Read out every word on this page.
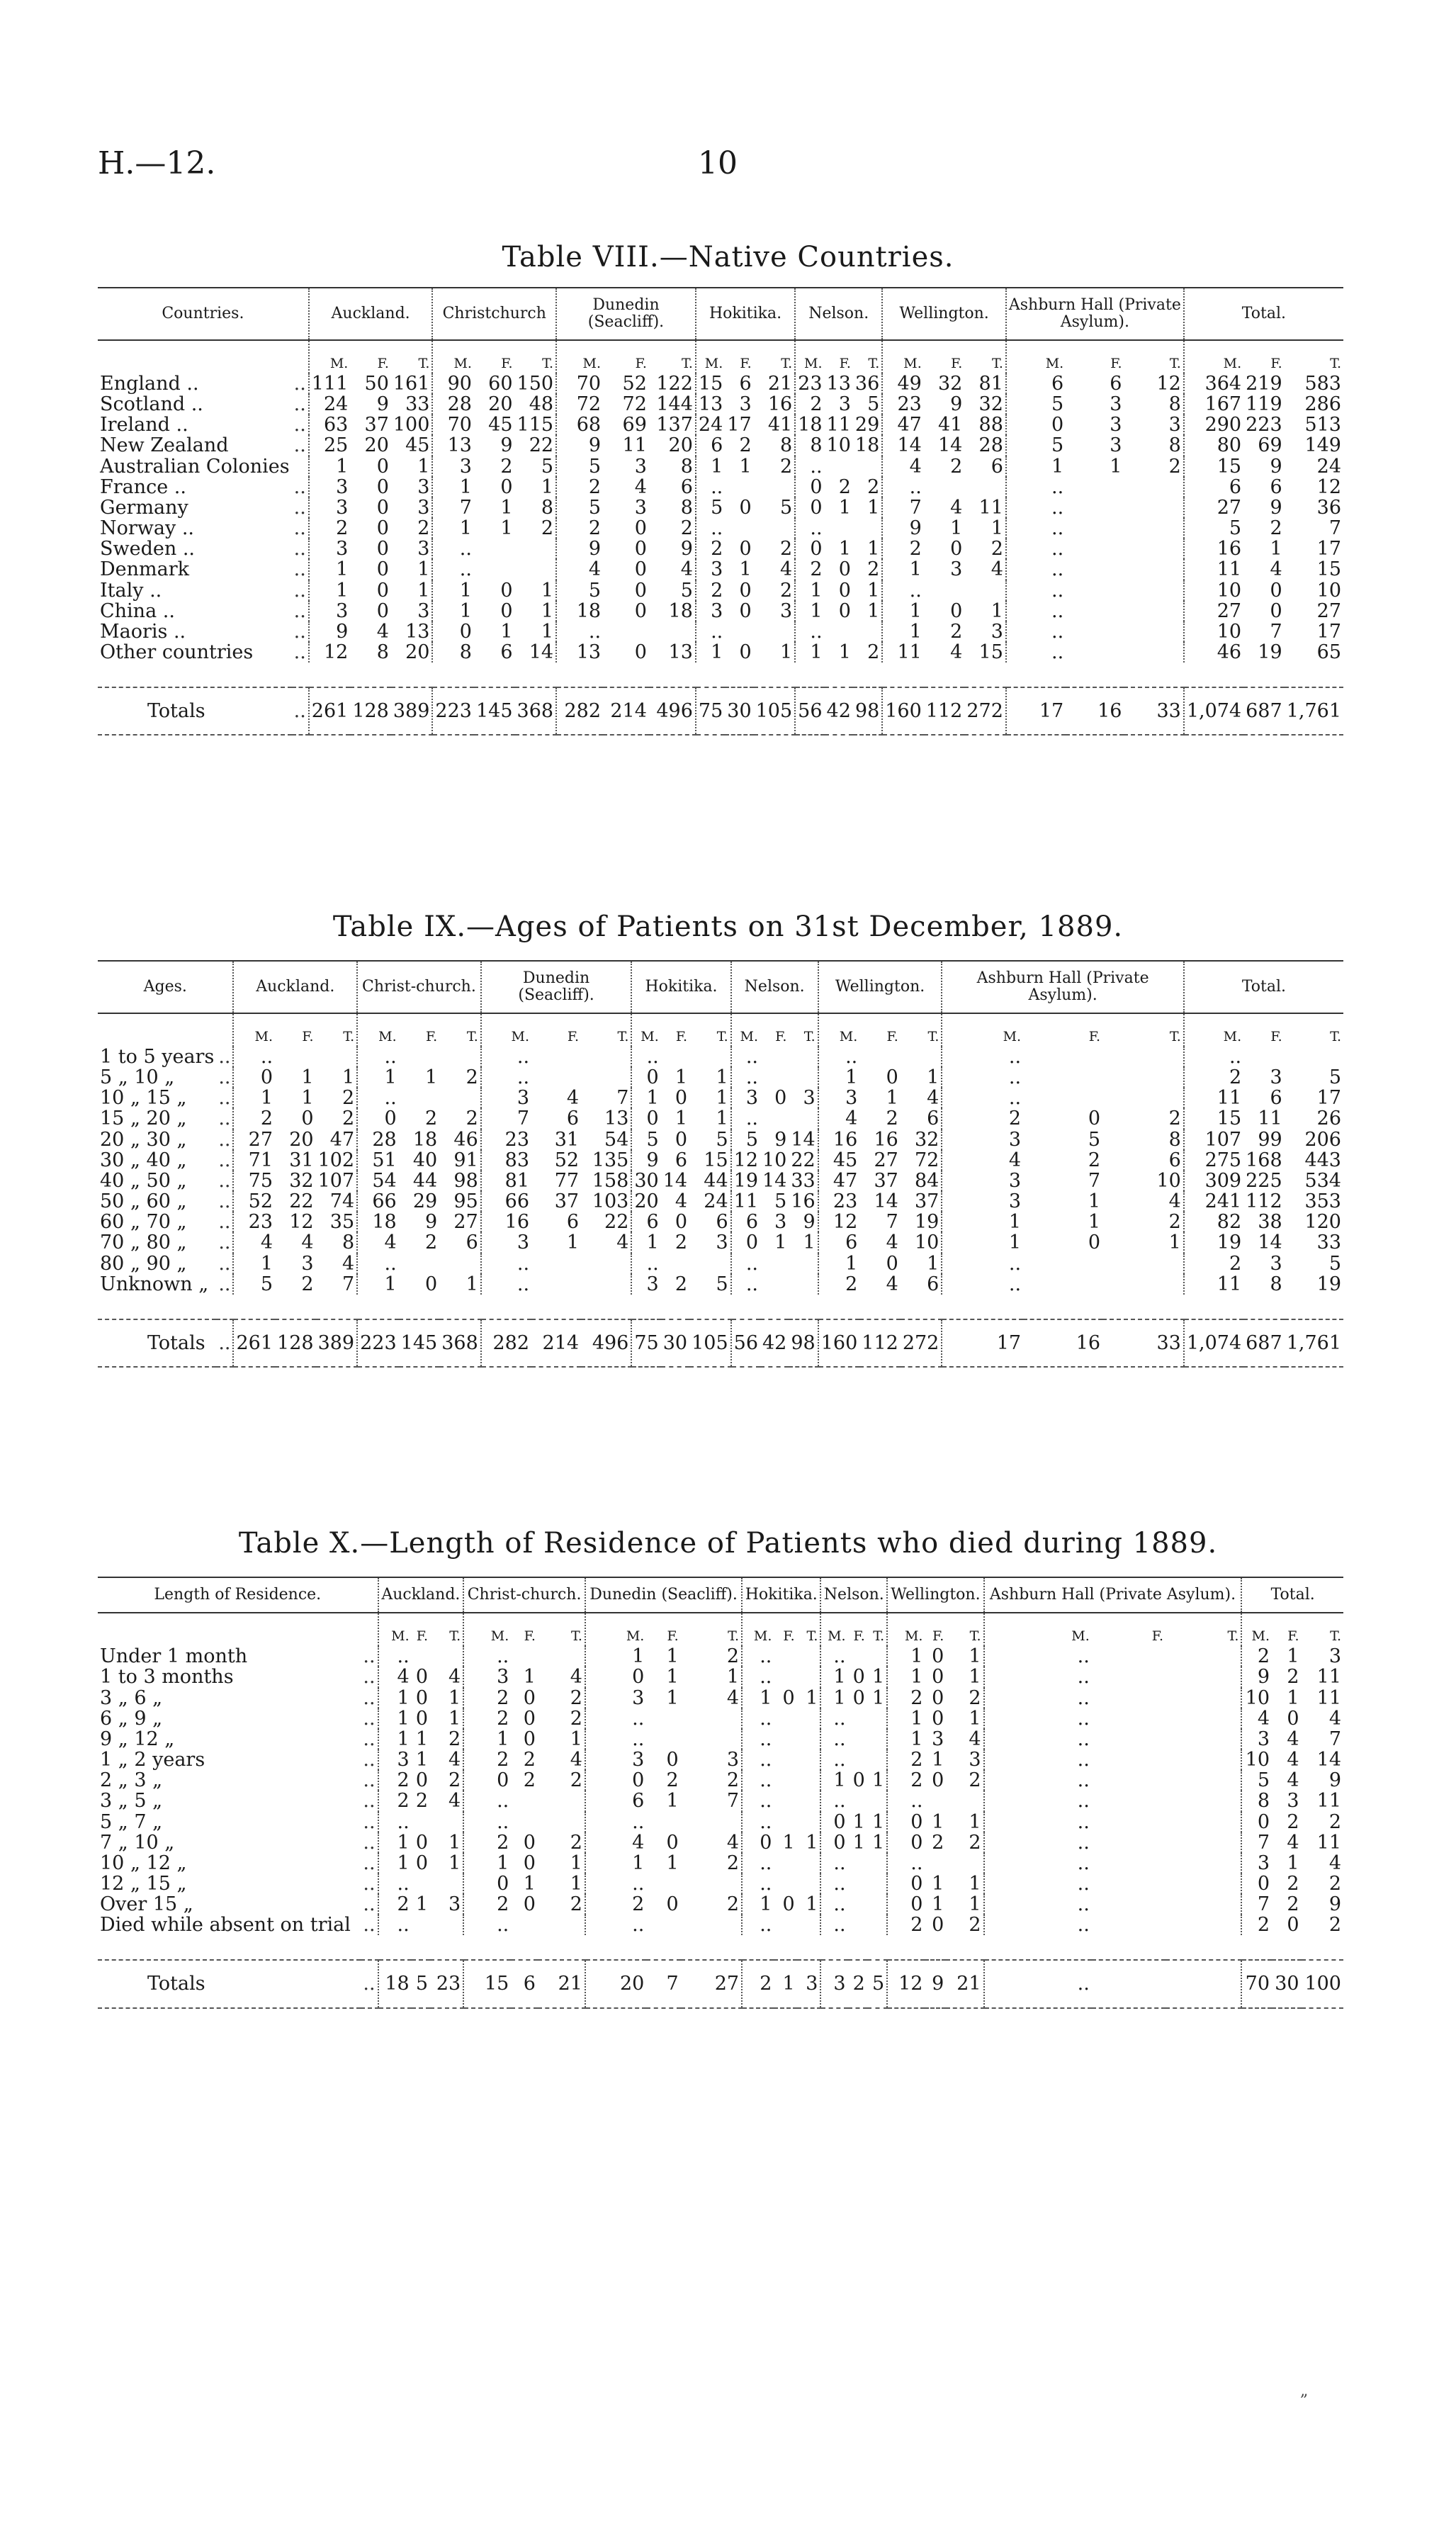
H.—12.	10
Table VIII.—Native Countries.
Countries.		Auckland.			Christchurch			Dunedin (Seacliff).			Hokitika.			Nelson.			Wellington.			Ashburn Hall (Private Asylum).			Total.		
		M.	F.	T.	M.	F.	T.	M.	F.	T.	M.	F.	T.	M.	F.	T.	M.	F.	T.	M.	F.	T.	M.	F.	T.
England ..	..	111	50	161	90	60	150	70	52	122	15	6	21	23	13	36	49	32	81	6	6	12	364	219	583
Scotland ..	..	24	9	33	28	20	48	72	72	144	13	3	16	2	3	5	23	9	32	5	3	8	167	119	286
Ireland ..	..	63	37	100	70	45	115	68	69	137	24	17	41	18	11	29	47	41	88	0	3	3	290	223	513
New Zealand	..	25	20	45	13	9	22	9	11	20	6	2	8	8	10	18	14	14	28	5	3	8	80	69	149
Australian Colonies		1	0	1	3	2	5	5	3	8	1	1	2	..			4	2	6	1	1	2	15	9	24
France ..	..	3	0	3	1	0	1	2	4	6	..			0	2	2	..			..			6	6	12
Germany	..	3	0	3	7	1	8	5	3	8	5	0	5	0	1	1	7	4	11	..			27	9	36
Norway ..	..	2	0	2	1	1	2	2	0	2	..			..			9	1	1	..			5	2	7
Sweden ..	..	3	0	3	..			9	0	9	2	0	2	0	1	1	2	0	2	..			16	1	17
Denmark	..	1	0	1	..			4	0	4	3	1	4	2	0	2	1	3	4	..			11	4	15
Italy ..	..	1	0	1	1	0	1	5	0	5	2	0	2	1	0	1	..			..			10	0	10
China ..	..	3	0	3	1	0	1	18	0	18	3	0	3	1	0	1	1	0	1	..			27	0	27
Maoris ..	..	9	4	13	0	1	1	..			..			..			1	2	3	..			10	7	17
Other countries	..	12	8	20	8	6	14	13	0	13	1	0	1	1	1	2	11	4	15	..			46	19	65

Totals	..	261	128	389	223	145	368	282	214	496	75	30	105	56	42	98	160	112	272	17	16	33	1,074	687	1,761
Table IX.—Ages of Patients on 31st December, 1889.
Ages.		Auckland.			Christ-church.			Dunedin (Seacliff).			Hokitika.			Nelson.			Wellington.			Ashburn Hall (Private Asylum).			Total.		
		M.	F.	T.	M.	F.	T.	M.	F.	T.	M.	F.	T.	M.	F.	T.	M.	F.	T.	M.	F.	T.	M.	F.	T.
1 to 5 years	..	..			..			..			..			..			..			..			..		
5 „ 10 „	..	0	1	1	1	1	2	..			0	1	1	..			1	0	1	..			2	3	5
10 „ 15 „	..	1	1	2	..			3	4	7	1	0	1	3	0	3	3	1	4	..			11	6	17
15 „ 20 „	..	2	0	2	0	2	2	7	6	13	0	1	1	..			4	2	6	2	0	2	15	11	26
20 „ 30 „	..	27	20	47	28	18	46	23	31	54	5	0	5	5	9	14	16	16	32	3	5	8	107	99	206
30 „ 40 „	..	71	31	102	51	40	91	83	52	135	9	6	15	12	10	22	45	27	72	4	2	6	275	168	443
40 „ 50 „	..	75	32	107	54	44	98	81	77	158	30	14	44	19	14	33	47	37	84	3	7	10	309	225	534
50 „ 60 „	..	52	22	74	66	29	95	66	37	103	20	4	24	11	5	16	23	14	37	3	1	4	241	112	353
60 „ 70 „	..	23	12	35	18	9	27	16	6	22	6	0	6	6	3	9	12	7	19	1	1	2	82	38	120
70 „ 80 „	..	4	4	8	4	2	6	3	1	4	1	2	3	0	1	1	6	4	10	1	0	1	19	14	33
80 „ 90 „	..	1	3	4	..			..			..			..			1	0	1	..			2	3	5
Unknown „	..	5	2	7	1	0	1	..			3	2	5	..			2	4	6	..			11	8	19

Totals	..	261	128	389	223	145	368	282	214	496	75	30	105	56	42	98	160	112	272	17	16	33	1,074	687	1,761
Table X.—Length of Residence of Patients who died during 1889.
Length of Residence.		Auckland.			Christ-church.			Dunedin (Seacliff).			Hokitika.			Nelson.			Wellington.			Ashburn Hall (Private Asylum).			Total.		
		M.	F.	T.	M.	F.	T.	M.	F.	T.	M.	F.	T.	M.	F.	T.	M.	F.	T.	M.	F.	T.	M.	F.	T.
Under 1 month	..	..			..			1	1	2	..			..			1	0	1	..			2	1	3
1 to 3 months	..	4	0	4	3	1	4	0	1	1	..			1	0	1	1	0	1	..			9	2	11
3 „ 6 „	..	1	0	1	2	0	2	3	1	4	1	0	1	1	0	1	2	0	2	..			10	1	11
6 „ 9 „	..	1	0	1	2	0	2	..			..			..			1	0	1	..			4	0	4
9 „ 12 „	..	1	1	2	1	0	1	..			..			..			1	3	4	..			3	4	7
1 „ 2 years	..	3	1	4	2	2	4	3	0	3	..			..			2	1	3	..			10	4	14
2 „ 3 „	..	2	0	2	0	2	2	0	2	2	..			1	0	1	2	0	2	..			5	4	9
3 „ 5 „	..	2	2	4	..			6	1	7	..			..			..			..			8	3	11
5 „ 7 „	..	..			..			..			..			0	1	1	0	1	1	..			0	2	2
7 „ 10 „	..	1	0	1	2	0	2	4	0	4	0	1	1	0	1	1	0	2	2	..			7	4	11
10 „ 12 „	..	1	0	1	1	0	1	1	1	2	..			..			..			..			3	1	4
12 „ 15 „	..	..			0	1	1	..			..			..			0	1	1	..			0	2	2
Over 15 „	..	2	1	3	2	0	2	2	0	2	1	0	1	..			0	1	1	..			7	2	9
Died while absent on trial	..	..			..			..			..			..			2	0	2	..			2	0	2

Totals	..	18	5	23	15	6	21	20	7	27	2	1	3	3	2	5	12	9	21	..			70	30	100
„
